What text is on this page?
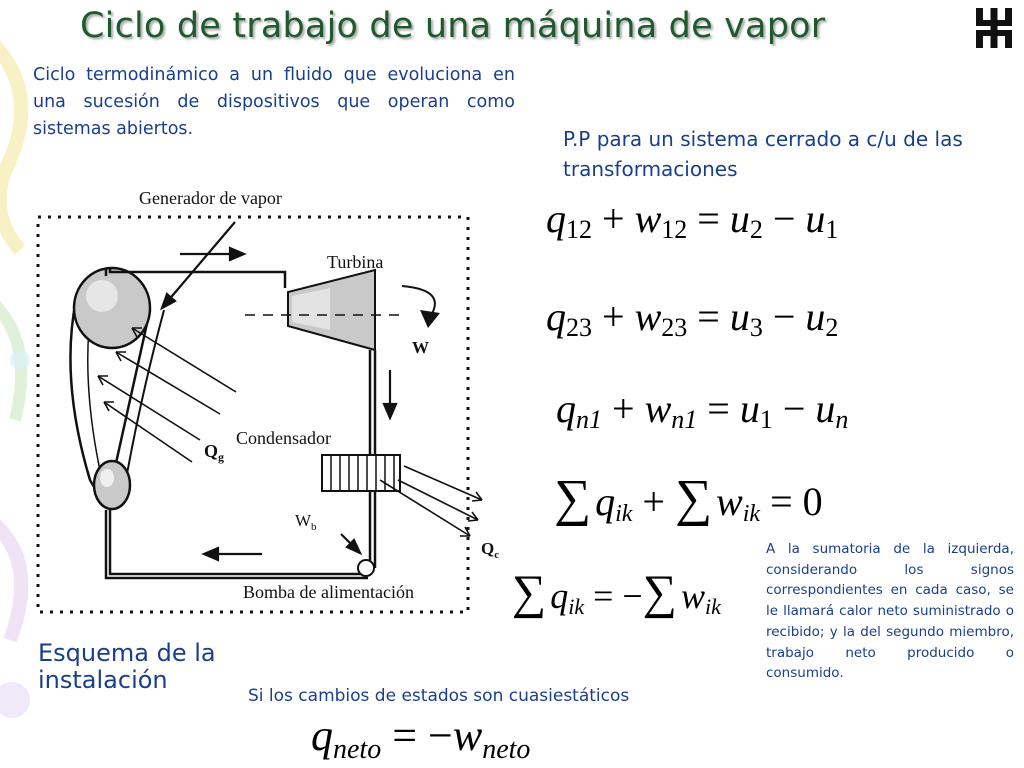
Ciclo de trabajo de una máquina de vapor
Ciclo termodinámico a un fluido que evoluciona en una sucesión de dispositivos que operan como sistemas abiertos.	P.P para un sistema cerrado a c/u de las transformaciones
Generador de vapor
Turbina
W
Condensador
$Q_g$
$W_b$
$Q_c$
Bomba de alimentación
Esquema de la instalación
q12 + w12 = u2 − u1
q23 + w23 = u3 − u2
qn1 + wn1 = u1 − un
∑ qik + ∑ wik = 0
∑ qik = −∑ wik
A la sumatoria de la izquierda, considerando los signos correspondientes en cada caso, se le llamará calor neto suministrado o recibido; y la del segundo miembro, trabajo neto producido o consumido.
Si los cambios de estados son cuasiestáticos
qneto = −wneto
